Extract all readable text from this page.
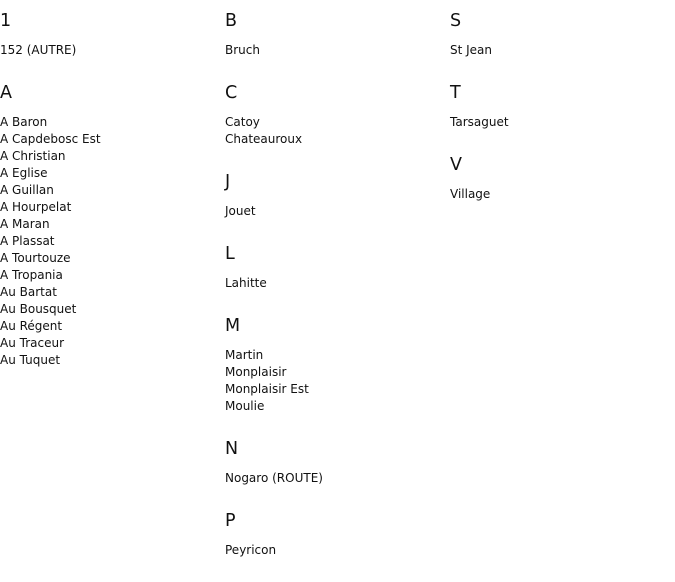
1
152 (AUTRE)
A
A Baron
A Capdebosc Est
A Christian
A Eglise
A Guillan
A Hourpelat
A Maran
A Plassat
A Tourtouze
A Tropania
Au Bartat
Au Bousquet
Au Régent
Au Traceur
Au Tuquet
B
Bruch
C
Catoy
Chateauroux
J
Jouet
L
Lahitte
M
Martin
Monplaisir
Monplaisir Est
Moulie
N
Nogaro (ROUTE)
P
Peyricon
S
St Jean
T
Tarsaguet
V
Village
